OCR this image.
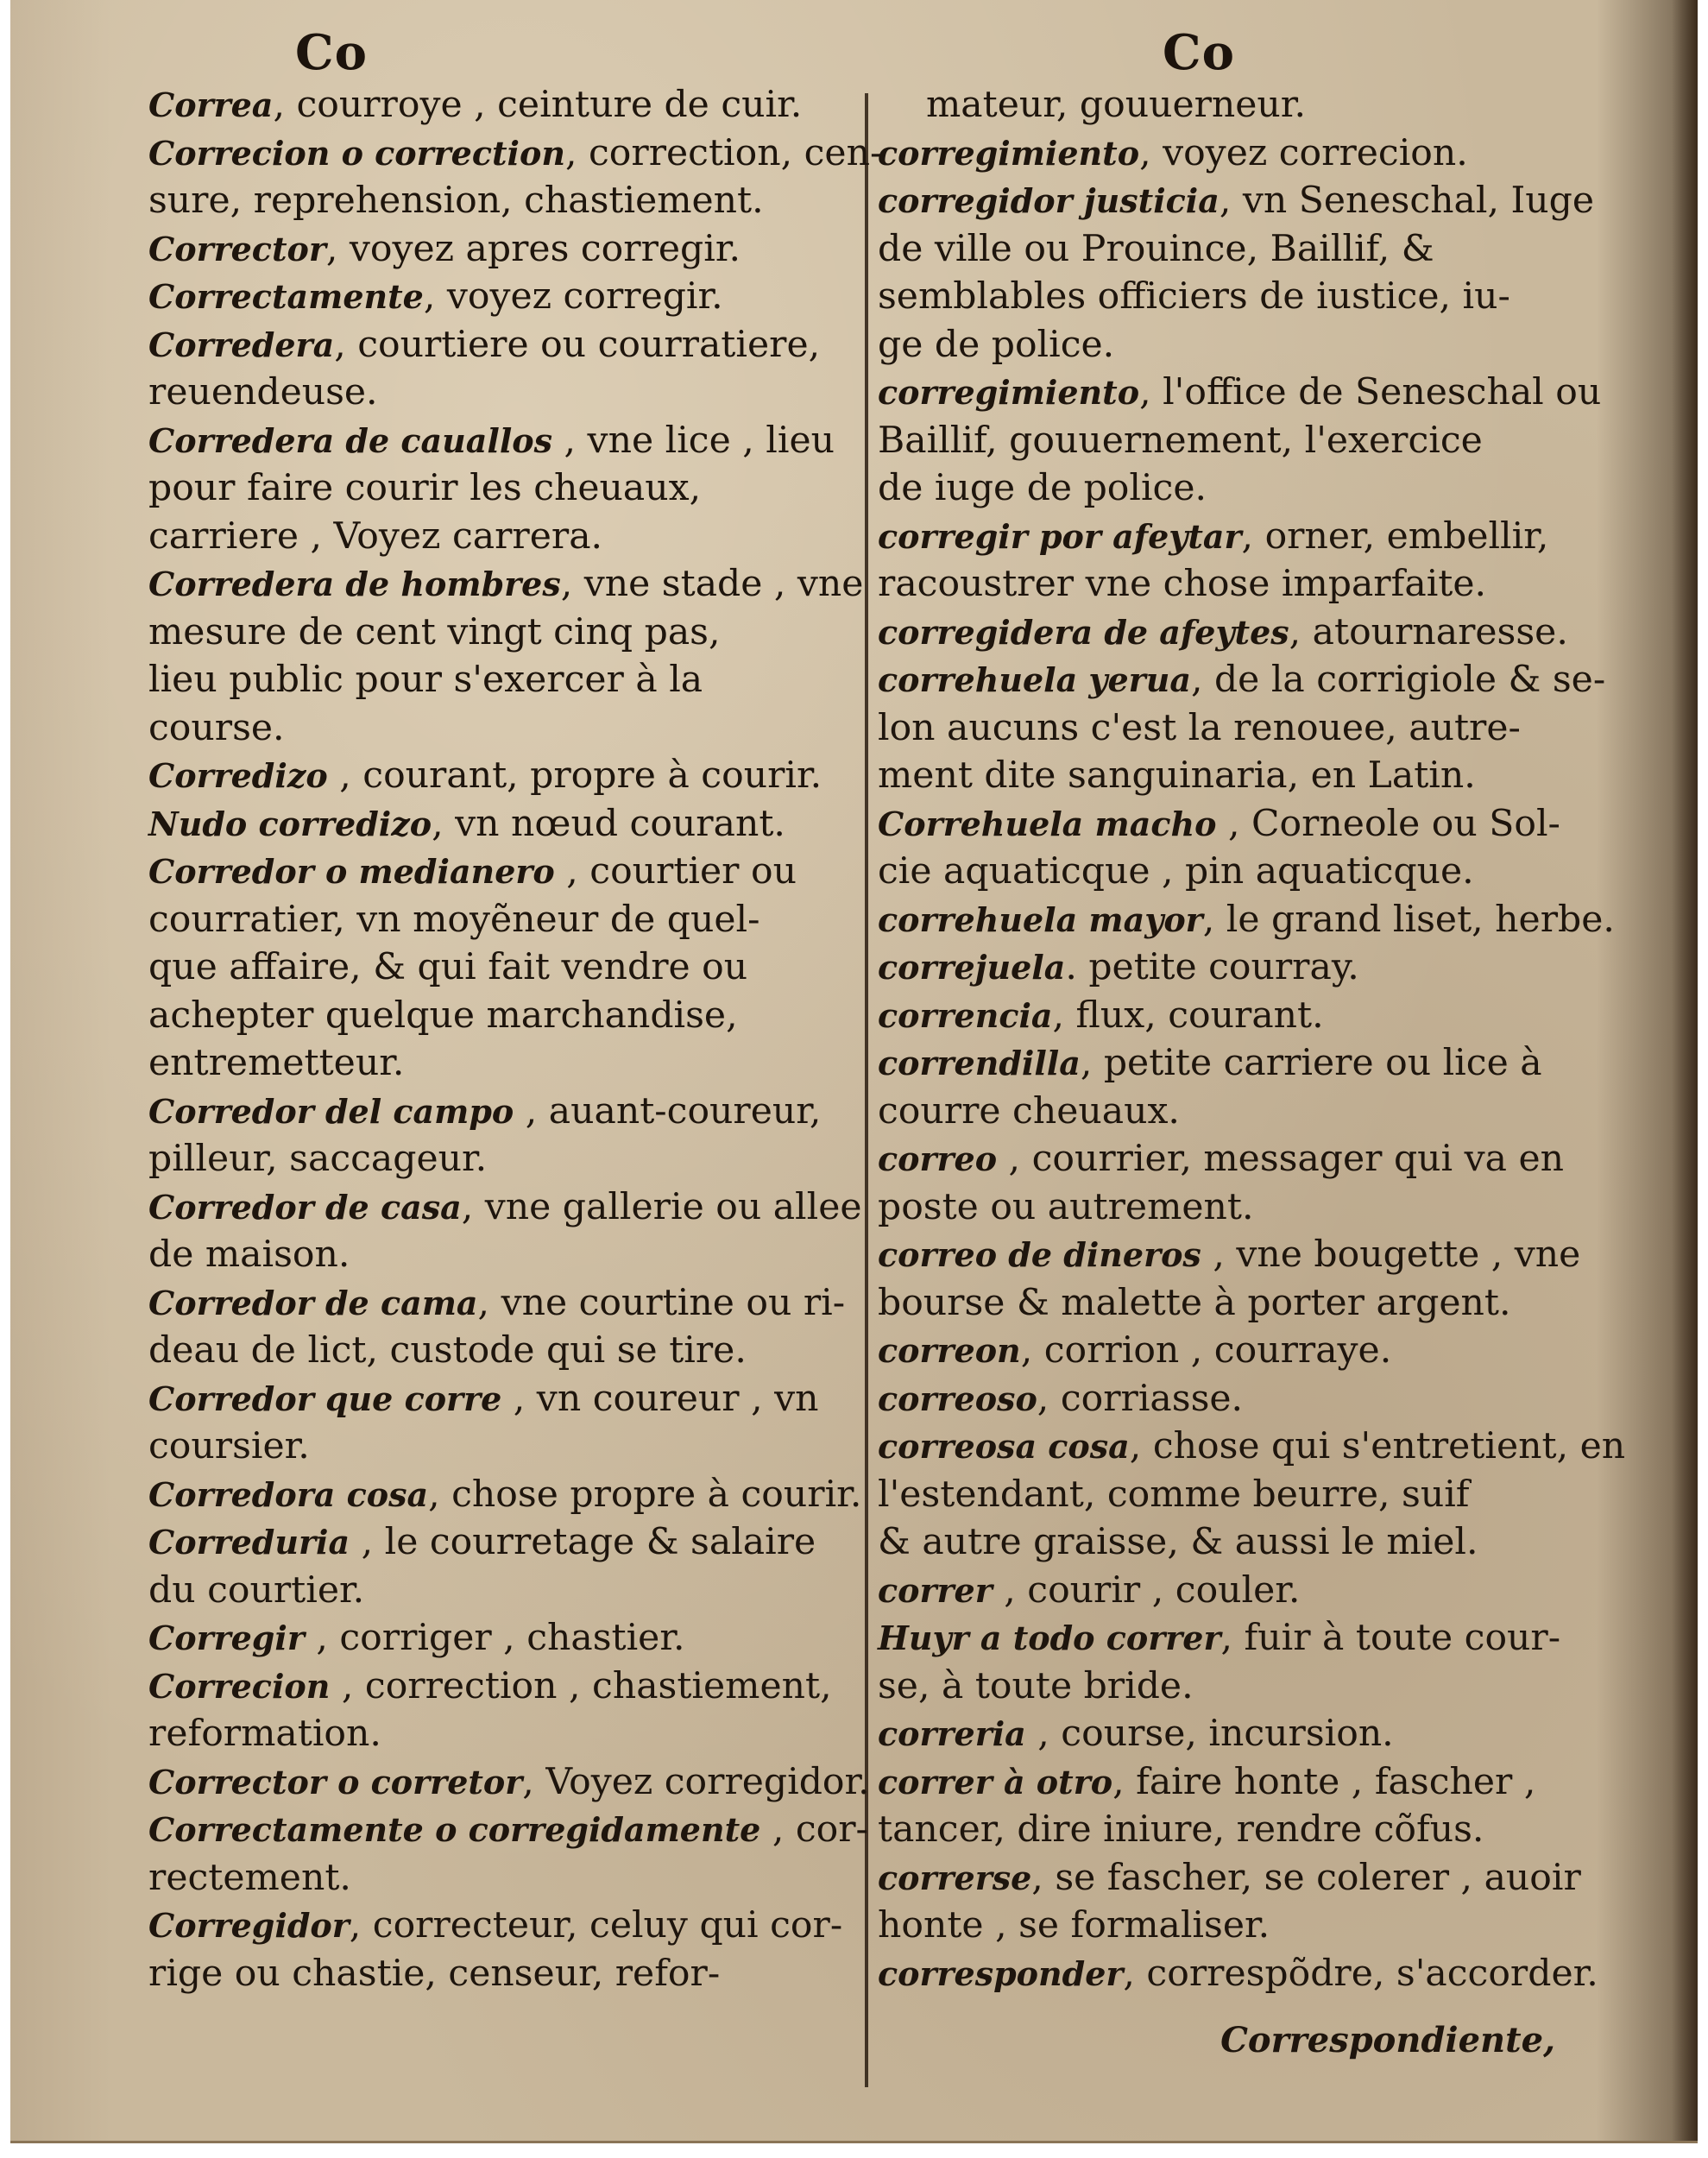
Co	Co

Correa, courroye , ceinture de cuir.

Correcion o correction, correction, cen-
sure, reprehension, chastiement.

Corrector, voyez apres corregir.

Correctamente, voyez corregir.

Corredera, courtiere ou courratiere,
reuendeuse.

Corredera de cauallos , vne lice , lieu
pour faire courir les cheuaux,
carriere , Voyez carrera.

Corredera de hombres, vne stade , vne
mesure de cent vingt cinq pas,
lieu public pour s'exercer à la
course.

Corredizo , courant, propre à courir.

Nudo corredizo, vn nœud courant.

Corredor o medianero , courtier ou
courratier, vn moyẽneur de quel-
que affaire, & qui fait vendre ou
achepter quelque marchandise,
entremetteur.

Corredor del campo , auant-coureur,
pilleur, saccageur.

Corredor de casa, vne gallerie ou allee
de maison.

Corredor de cama, vne courtine ou ri-
deau de lict, custode qui se tire.

Corredor que corre , vn coureur , vn
coursier.

Corredora cosa, chose propre à courir.

Correduria , le courretage & salaire
du courtier.

Corregir , corriger , chastier.

Correcion , correction , chastiement,
reformation.

Corrector o corretor, Voyez corregidor.

Correctamente o corregidamente , cor-
rectement.

Corregidor, correcteur, celuy qui cor-
rige ou chastie, censeur, refor-

mateur, gouuerneur.

corregimiento, voyez correcion.

corregidor justicia, vn Seneschal, Iuge
de ville ou Prouince, Baillif, &
semblables officiers de iustice, iu-
ge de police.

corregimiento, l'office de Seneschal ou
Baillif, gouuernement, l'exercice
de iuge de police.

corregir por afeytar, orner, embellir,
racoustrer vne chose imparfaite.

corregidera de afeytes, atournaresse.

correhuela yerua, de la corrigiole & se-
lon aucuns c'est la renouee, autre-
ment dite sanguinaria, en Latin.

Correhuela macho , Corneole ou Sol-
cie aquaticque , pin aquaticque.

correhuela mayor, le grand liset, herbe.

correjuela. petite courray.

correncia, flux, courant.

correndilla, petite carriere ou lice à
courre cheuaux.

correo , courrier, messager qui va en
poste ou autrement.

correo de dineros , vne bougette , vne
bourse & malette à porter argent.

correon, corrion , courraye.

correoso, corriasse.

correosa cosa, chose qui s'entretient, en
l'estendant, comme beurre, suif
& autre graisse, & aussi le miel.

correr , courir , couler.

Huyr a todo correr, fuir à toute cour-
se, à toute bride.

correria , course, incursion.

correr à otro, faire honte , fascher ,
tancer, dire iniure, rendre cõfus.

correrse, se fascher, se colerer , auoir
honte , se formaliser.

corresponder, correspõdre, s'accorder.

Correspondiente,
